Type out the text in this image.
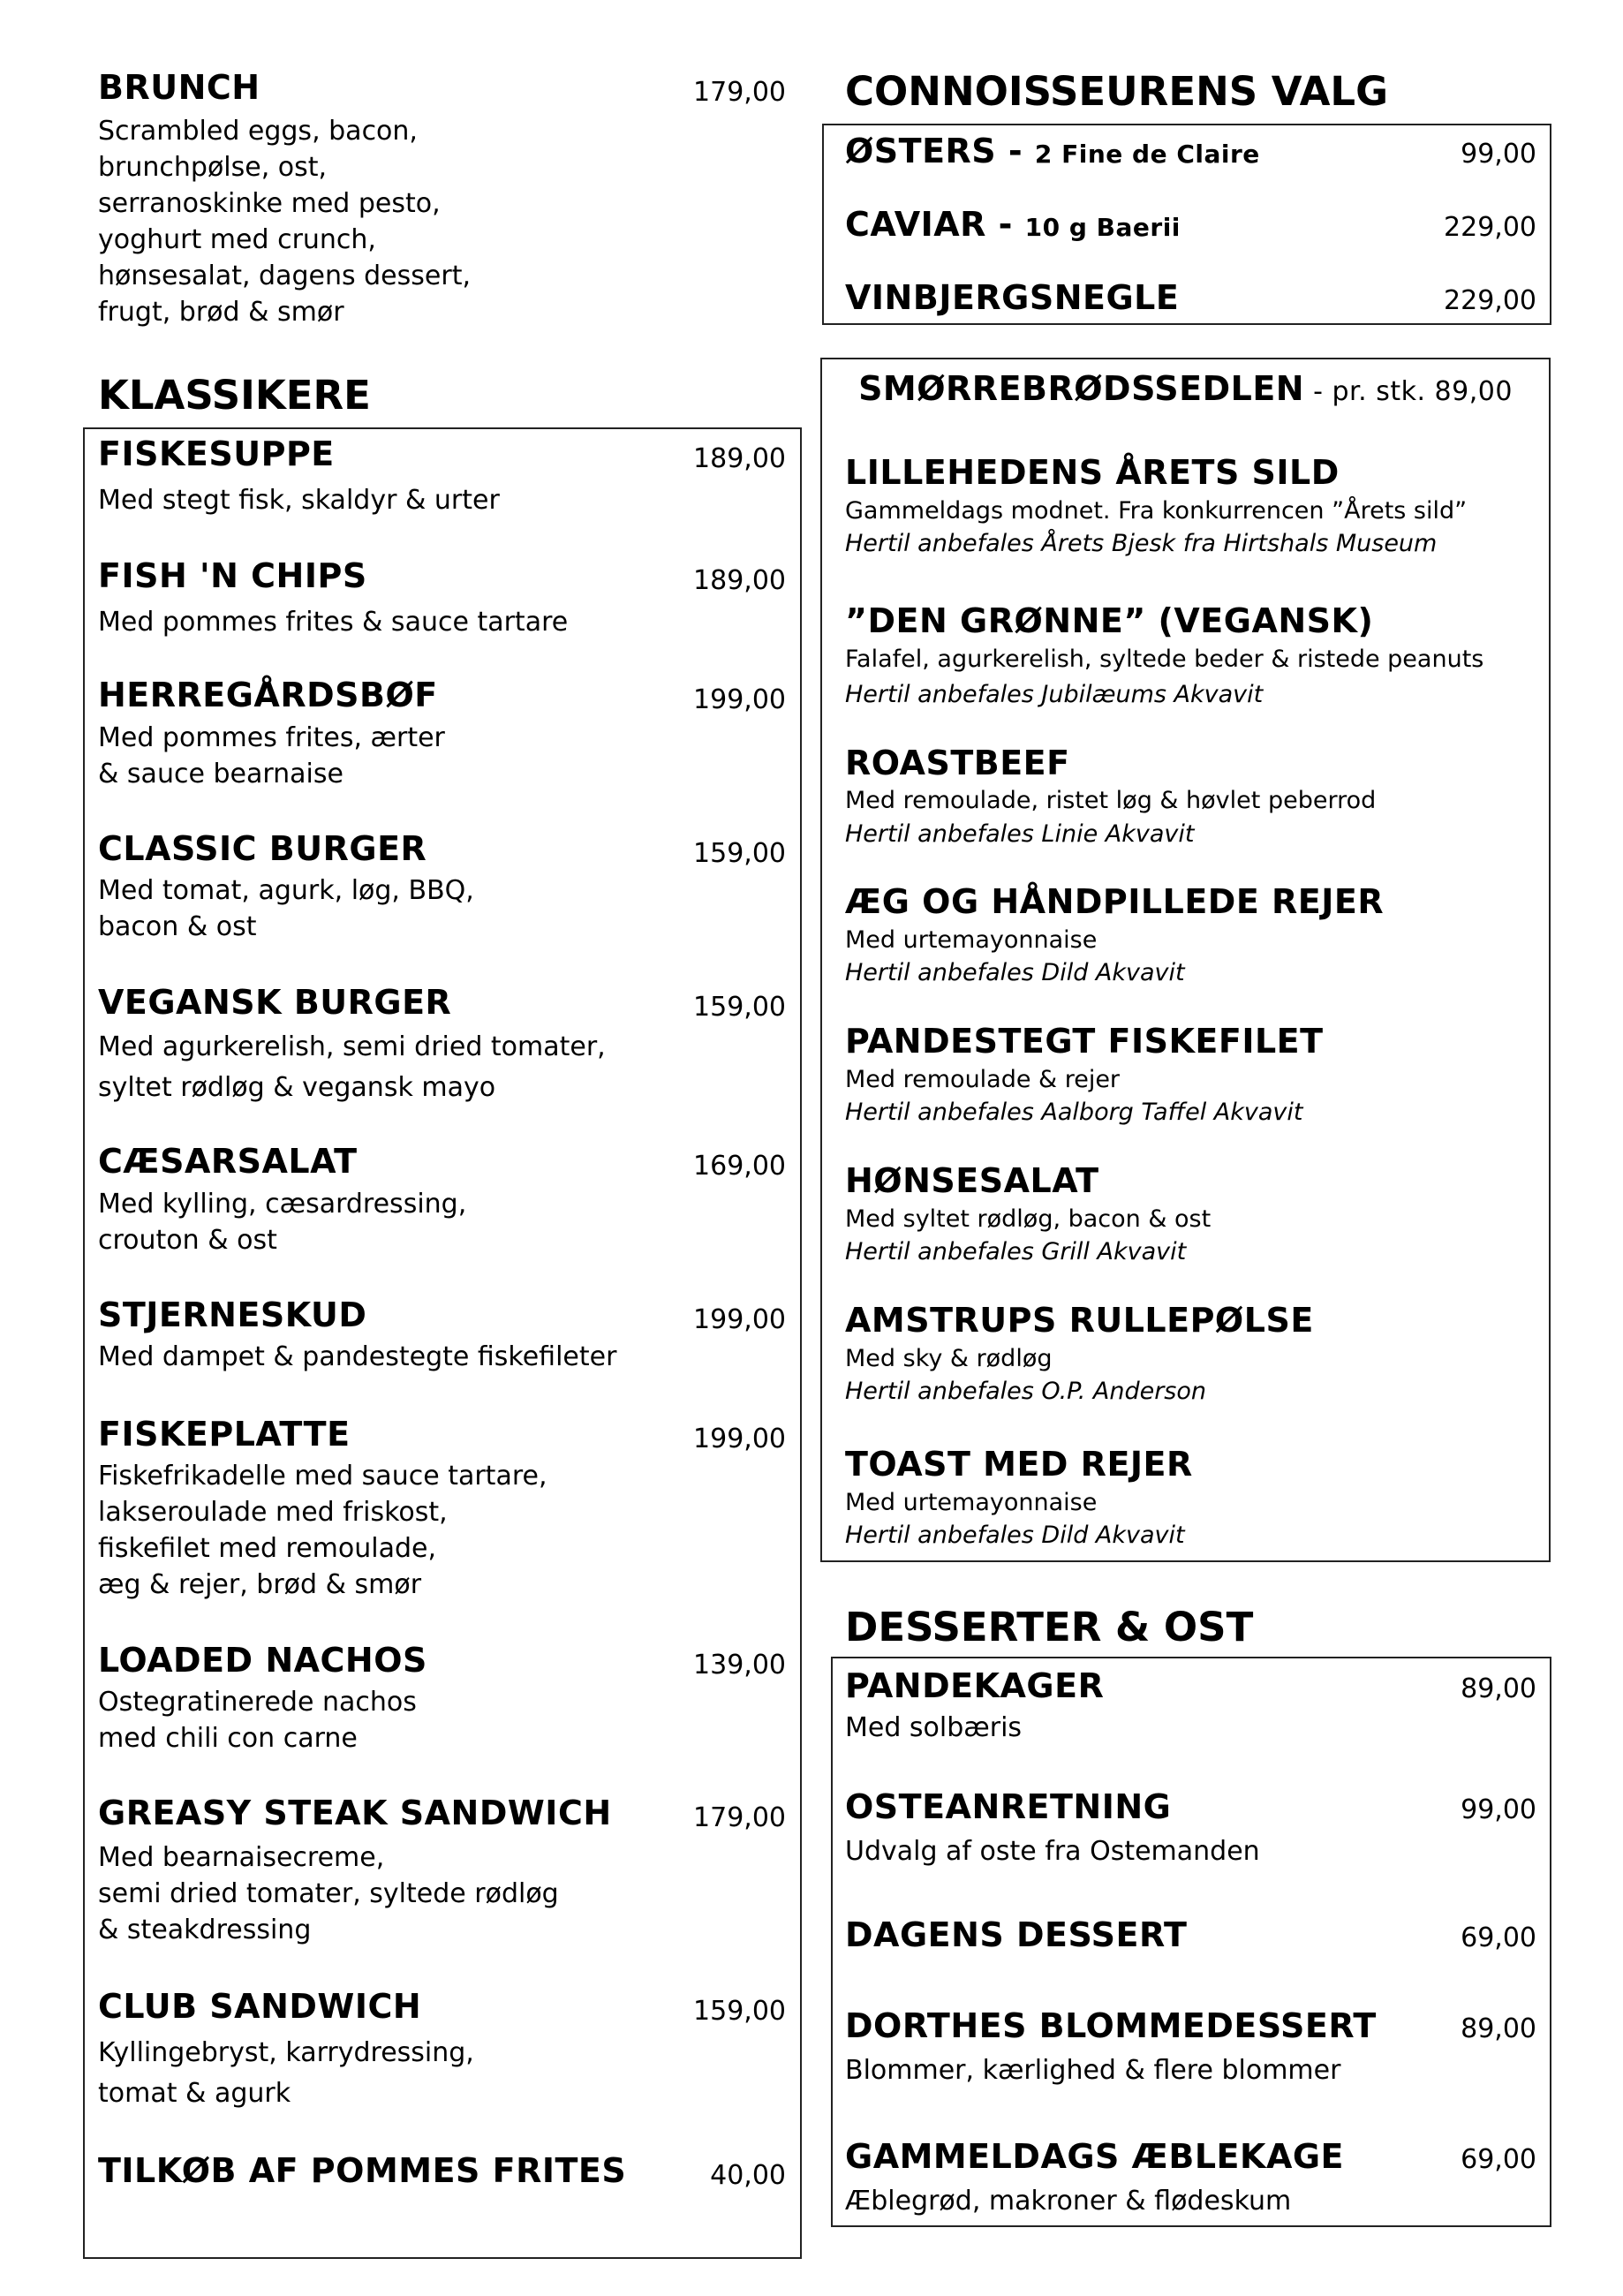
BRUNCH	179,00
Scrambled eggs, bacon,
brunchpølse, ost,
serranoskinke med pesto,
yoghurt med crunch,
hønsesalat, dagens dessert,
frugt, brød & smør
KLASSIKERE
FISKESUPPE	189,00
Med stegt fisk, skaldyr & urter
FISH 'N CHIPS	189,00
Med pommes frites & sauce tartare
HERREGÅRDSBØF	199,00
Med pommes frites, ærter
& sauce bearnaise
CLASSIC BURGER	159,00
Med tomat, agurk, løg, BBQ,
bacon & ost
VEGANSK BURGER	159,00
Med agurkerelish, semi dried tomater,
syltet rødløg & vegansk mayo
CÆSARSALAT	169,00
Med kylling, cæsardressing,
crouton & ost
STJERNESKUD	199,00
Med dampet & pandestegte fiskefileter
FISKEPLATTE	199,00
Fiskefrikadelle med sauce tartare,
lakseroulade med friskost,
fiskefilet med remoulade,
æg & rejer, brød & smør
LOADED NACHOS	139,00
Ostegratinerede nachos
med chili con carne
GREASY STEAK SANDWICH	179,00
Med bearnaisecreme,
semi dried tomater, syltede rødløg
& steakdressing
CLUB SANDWICH	159,00
Kyllingebryst, karrydressing,
tomat & agurk
TILKØB AF POMMES FRITES	40,00
CONNOISSEURENS VALG
ØSTERS - 2 Fine de Claire	99,00
CAVIAR - 10 g Baerii	229,00
VINBJERGSNEGLE	229,00
SMØRREBRØDSSEDLEN - pr. stk. 89,00
LILLEHEDENS ÅRETS SILD
Gammeldags modnet. Fra konkurrencen ”Årets sild”
Hertil anbefales Årets Bjesk fra Hirtshals Museum
”DEN GRØNNE” (VEGANSK)
Falafel, agurkerelish, syltede beder & ristede peanuts
Hertil anbefales Jubilæums Akvavit
ROASTBEEF
Med remoulade, ristet løg & høvlet peberrod
Hertil anbefales Linie Akvavit
ÆG OG HÅNDPILLEDE REJER
Med urtemayonnaise
Hertil anbefales Dild Akvavit
PANDESTEGT FISKEFILET
Med remoulade & rejer
Hertil anbefales Aalborg Taffel Akvavit
HØNSESALAT
Med syltet rødløg, bacon & ost
Hertil anbefales Grill Akvavit
AMSTRUPS RULLEPØLSE
Med sky & rødløg
Hertil anbefales O.P. Anderson
TOAST MED REJER
Med urtemayonnaise
Hertil anbefales Dild Akvavit
DESSERTER & OST
PANDEKAGER	89,00
Med solbæris
OSTEANRETNING	99,00
Udvalg af oste fra Ostemanden
DAGENS DESSERT	69,00
DORTHES BLOMMEDESSERT	89,00
Blommer, kærlighed & flere blommer
GAMMELDAGS ÆBLEKAGE	69,00
Æblegrød, makroner & flødeskum
